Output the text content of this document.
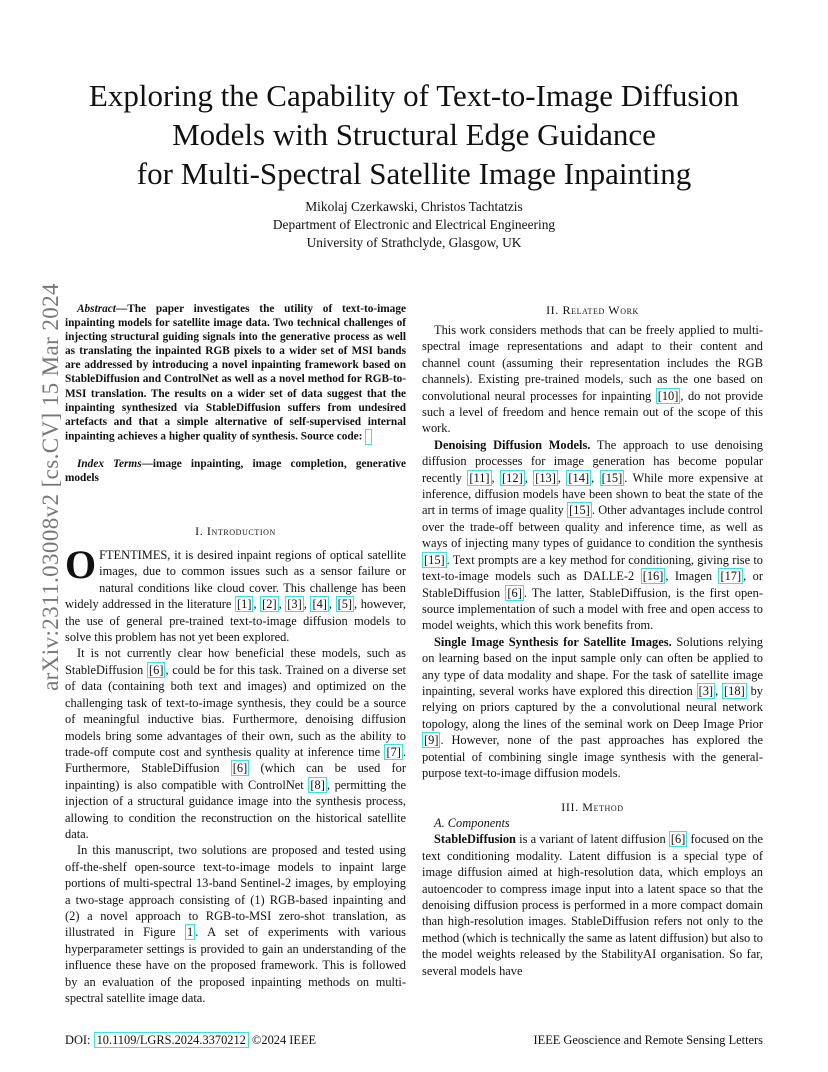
arXiv:2311.03008v2 [cs.CV] 15 Mar 2024
Exploring the Capability of Text-to-Image Diffusion
Models with Structural Edge Guidance
for Multi-Spectral Satellite Image Inpainting
Mikolaj Czerkawski, Christos Tachtatzis
Department of Electronic and Electrical Engineering
University of Strathclyde, Glasgow, UK

Abstract—The paper investigates the utility of text-to-image inpainting models for satellite image data. Two technical challenges of injecting structural guiding signals into the generative process as well as translating the inpainted RGB pixels to a wider set of MSI bands are addressed by introducing a novel inpainting framework based on StableDiffusion and ControlNet as well as a novel method for RGB-to-MSI translation. The results on a wider set of data suggest that the inpainting synthesized via StableDiffusion suffers from undesired artefacts and that a simple alternative of self-supervised internal inpainting achieves a higher quality of synthesis. Source code:

Index Terms—image inpainting, image completion, generative models

I. Introduction

OFTENTIMES, it is desired inpaint regions of optical satellite images, due to common issues such as a sensor failure or natural conditions like cloud cover. This challenge has been widely addressed in the literature [1] , [2] , [3] , [4] , [5] , however, the use of general pre-trained text-to-image diffusion models to solve this problem has not yet been explored.

It is not currently clear how beneficial these models, such as StableDiffusion [6] , could be for this task. Trained on a diverse set of data (containing both text and images) and optimized on the challenging task of text-to-image synthesis, they could be a source of meaningful inductive bias. Furthermore, denoising diffusion models bring some advantages of their own, such as the ability to trade-off compute cost and synthesis quality at inference time [7] . Furthermore, StableDiffusion [6] (which can be used for inpainting) is also compatible with ControlNet [8] , permitting the injection of a structural guidance image into the synthesis process, allowing to condition the reconstruction on the historical satellite data.

In this manuscript, two solutions are proposed and tested using off-the-shelf open-source text-to-image models to inpaint large portions of multi-spectral 13-band Sentinel-2 images, by employing a two-stage approach consisting of (1) RGB-based inpainting and (2) a novel approach to RGB-to-MSI zero-shot translation, as illustrated in Figure 1 . A set of experiments with various hyperparameter settings is provided to gain an understanding of the influence these have on the proposed framework. This is followed by an evaluation of the proposed inpainting methods on multi-spectral satellite image data.

II. Related Work

This work considers methods that can be freely applied to multi-spectral image representations and adapt to their content and channel count (assuming their representation includes the RGB channels). Existing pre-trained models, such as the one based on convolutional neural processes for inpainting [10] , do not provide such a level of freedom and hence remain out of the scope of this work.

Denoising Diffusion Models. The approach to use denoising diffusion processes for image generation has become popular recently [11] , [12] , [13] , [14] , [15] . While more expensive at inference, diffusion models have been shown to beat the state of the art in terms of image quality [15] . Other advantages include control over the trade-off between quality and inference time, as well as ways of injecting many types of guidance to condition the synthesis [15] . Text prompts are a key method for conditioning, giving rise to text-to-image models such as DALLE-2 [16] , Imagen [17] , or StableDiffusion [6] . The latter, StableDiffusion, is the first open-source implementation of such a model with free and open access to model weights, which this work benefits from.

Single Image Synthesis for Satellite Images. Solutions relying on learning based on the input sample only can often be applied to any type of data modality and shape. For the task of satellite image inpainting, several works have explored this direction [3] , [18] by relying on priors captured by the a convolutional neural network topology, along the lines of the seminal work on Deep Image Prior [9] . However, none of the past approaches has explored the potential of combining single image synthesis with the general-purpose text-to-image diffusion models.

III. Method

A. Components

StableDiffusion is a variant of latent diffusion [6] focused on the text conditioning modality. Latent diffusion is a special type of image diffusion aimed at high-resolution data, which employs an autoencoder to compress image input into a latent space so that the denoising diffusion process is performed in a more compact domain than high-resolution images. StableDiffusion refers not only to the method (which is technically the same as latent diffusion) but also to the model weights released by the StabilityAI organisation. So far, several models have

DOI: 10.1109/LGRS.2024.3370212 ©2024 IEEE	IEEE Geoscience and Remote Sensing Letters
